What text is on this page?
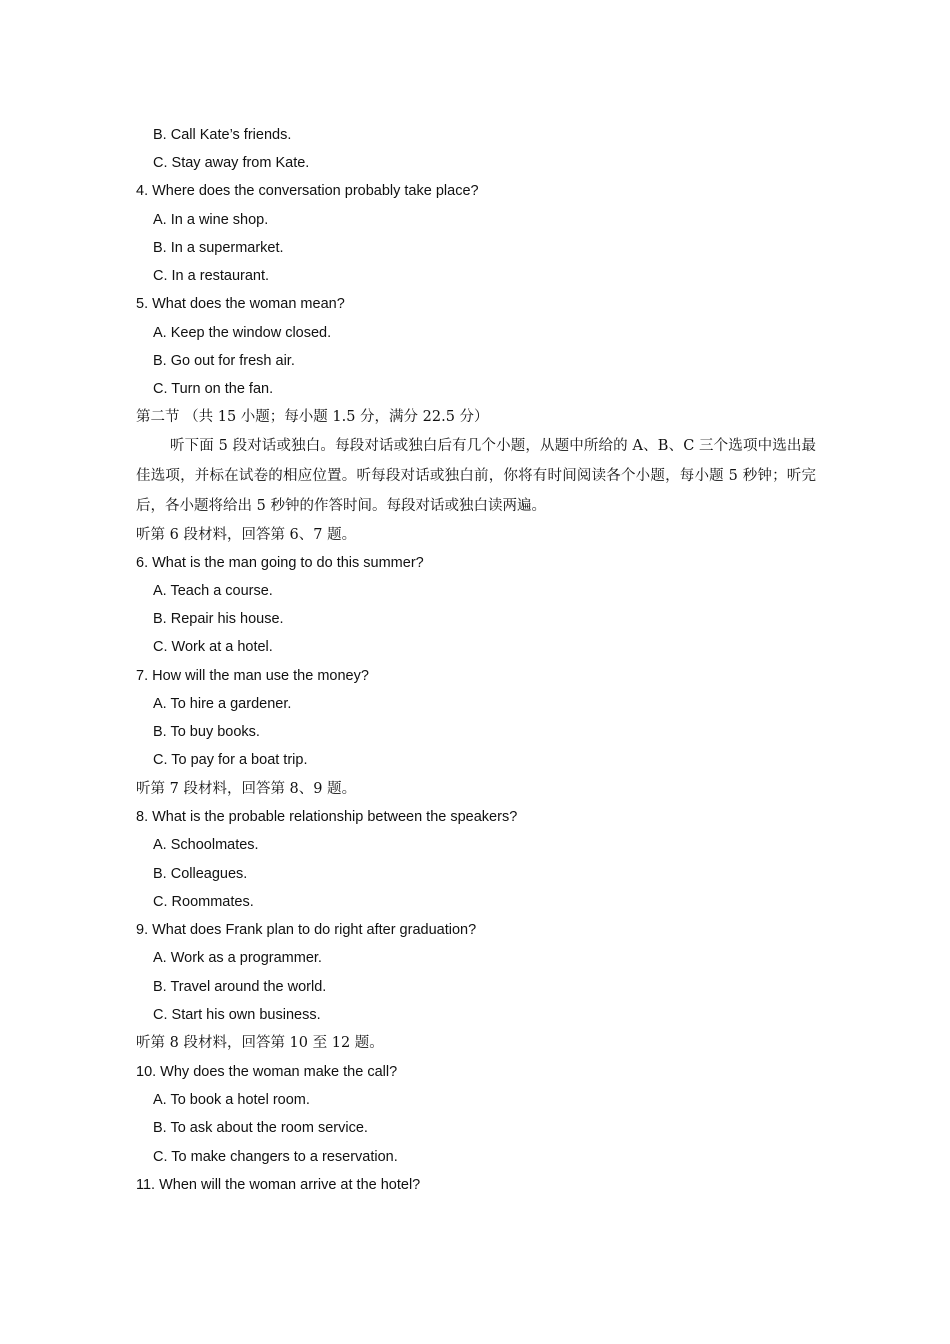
B. Call Kate’s friends.
C. Stay away from Kate.
4. Where does the conversation probably take place?
A. In a wine shop.
B. In a supermarket.
C. In a restaurant.
5. What does the woman mean?
A. Keep the window closed.
B. Go out for fresh air.
C. Turn on the fan.
第二节 （共 15 小题；每小题 1.5 分，满分 22.5 分）
听下面 5 段对话或独白。每段对话或独白后有几个小题，从题中所给的 A、B、C 三个选项中选出最佳选项，并标在试卷的相应位置。听每段对话或独白前，你将有时间阅读各个小题，每小题 5 秒钟；听完后，各小题将给出 5 秒钟的作答时间。每段对话或独白读两遍。
听第 6 段材料，回答第 6、7 题。
6. What is the man going to do this summer?
A. Teach a course.
B. Repair his house.
C. Work at a hotel.
7. How will the man use the money?
A. To hire a gardener.
B. To buy books.
C. To pay for a boat trip.
听第 7 段材料，回答第 8、9 题。
8. What is the probable relationship between the speakers?
A. Schoolmates.
B. Colleagues.
C. Roommates.
9. What does Frank plan to do right after graduation?
A. Work as a programmer.
B. Travel around the world.
C. Start his own business.
听第 8 段材料，回答第 10 至 12 题。
10. Why does the woman make the call?
A. To book a hotel room.
B. To ask about the room service.
C. To make changers to a reservation.
11. When will the woman arrive at the hotel?
